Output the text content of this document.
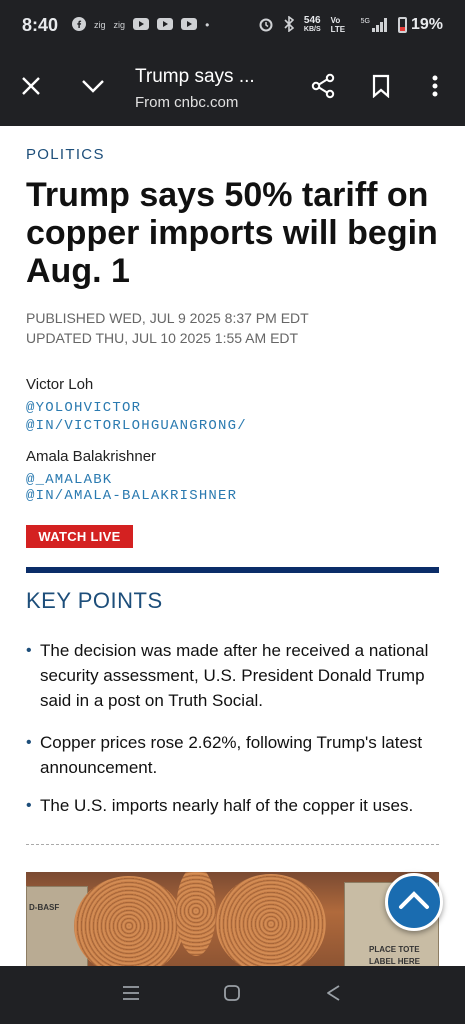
8:40	zig zig	•	546
KB/S
Vo LTE
5G	19%
Trump says ...
From cnbc.com
POLITICS
Trump says 50% tariff on copper imports will begin Aug. 1
PUBLISHED WED, JUL 9 2025 8:37 PM EDT
UPDATED THU, JUL 10 2025 1:55 AM EDT
Victor Loh
@YOLOHVICTOR
@IN/VICTORLOHGUANGRONG/
Amala Balakrishner
@_AMALABK
@IN/AMALA-BALAKRISHNER
WATCH LIVE
KEY POINTS
• The decision was made after he received a national security assessment, U.S. President Donald Trump said in a post on Truth Social.
• Copper prices rose 2.62%, following Trump's latest announcement.
• The U.S. imports nearly half of the copper it uses.
D-BASF
PLACE TOTE
LABEL HERE
